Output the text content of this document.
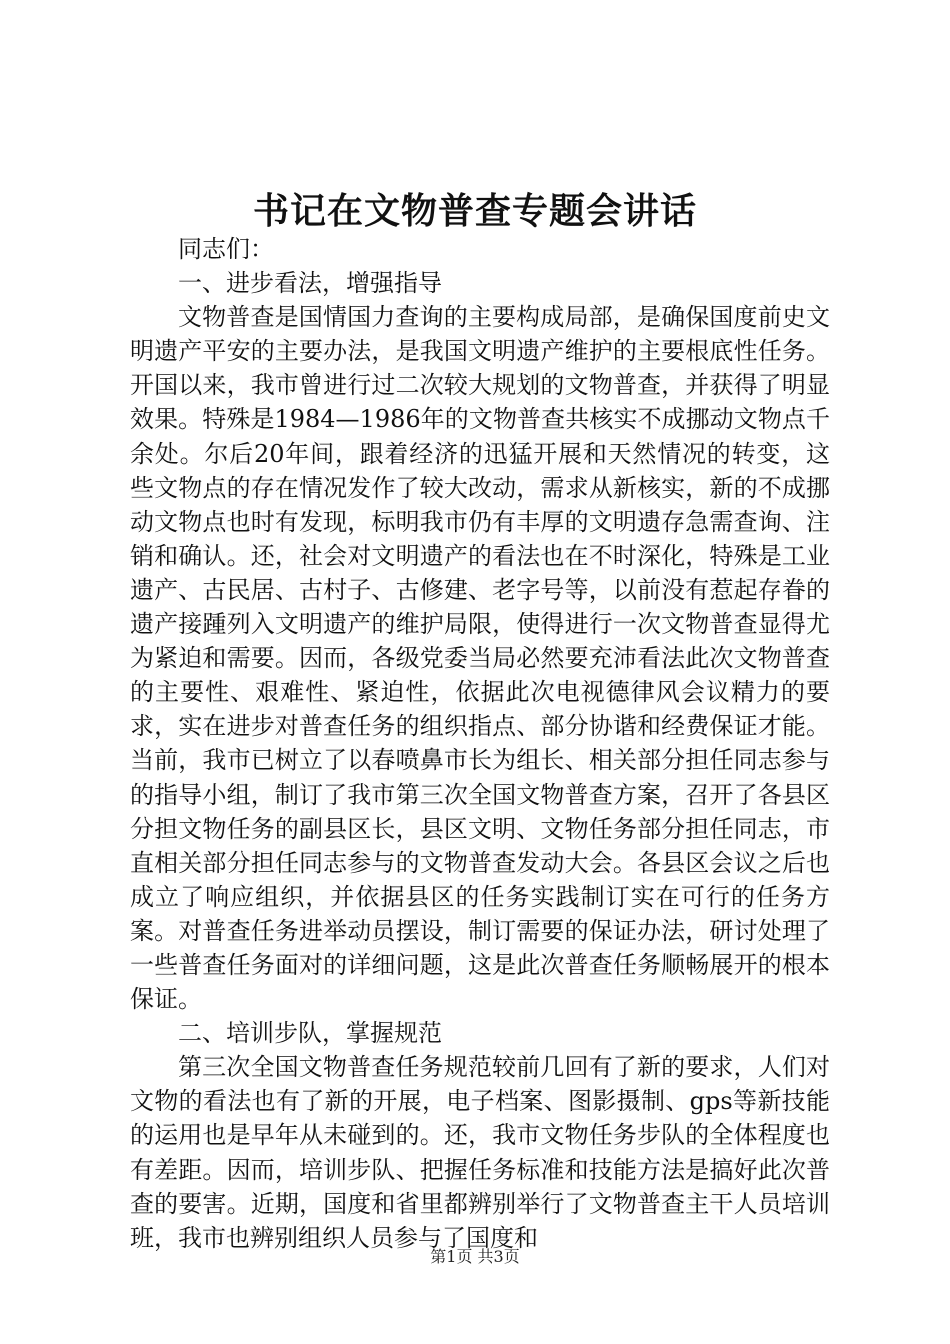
书记在文物普查专题会讲话

同志们：

一、进步看法，增强指导

文物普查是国情国力查询的主要构成局部，是确保国度前史文明遗产平安的主要办法，是我国文明遗产维护的主要根底性任务。开国以来，我市曾进行过二次较大规划的文物普查，并获得了明显效果。特殊是1984—1986年的文物普查共核实不成挪动文物点千余处。尔后20年间，跟着经济的迅猛开展和天然情况的转变，这些文物点的存在情况发作了较大改动，需求从新核实，新的不成挪动文物点也时有发现，标明我市仍有丰厚的文明遗存急需查询、注销和确认。还，社会对文明遗产的看法也在不时深化，特殊是工业遗产、古民居、古村子、古修建、老字号等，以前没有惹起存眷的遗产接踵列入文明遗产的维护局限，使得进行一次文物普查显得尤为紧迫和需要。因而，各级党委当局必然要充沛看法此次文物普查的主要性、艰难性、紧迫性，依据此次电视德律风会议精力的要求，实在进步对普查任务的组织指点、部分协谐和经费保证才能。当前，我市已树立了以春喷鼻市长为组长、相关部分担任同志参与的指导小组，制订了我市第三次全国文物普查方案，召开了各县区分担文物任务的副县区长，县区文明、文物任务部分担任同志，市直相关部分担任同志参与的文物普查发动大会。各县区会议之后也成立了响应组织，并依据县区的任务实践制订实在可行的任务方案。对普查任务进举动员摆设，制订需要的保证办法，研讨处理了一些普查任务面对的详细问题，这是此次普查任务顺畅展开的根本保证。

二、培训步队，掌握规范

第三次全国文物普查任务规范较前几回有了新的要求，人们对文物的看法也有了新的开展，电子档案、图影摄制、gps等新技能的运用也是早年从未碰到的。还，我市文物任务步队的全体程度也有差距。因而，培训步队、把握任务标准和技能方法是搞好此次普查的要害。近期，国度和省里都辨别举行了文物普查主干人员培训班，我市也辨别组织人员参与了国度和

第1页 共3页
